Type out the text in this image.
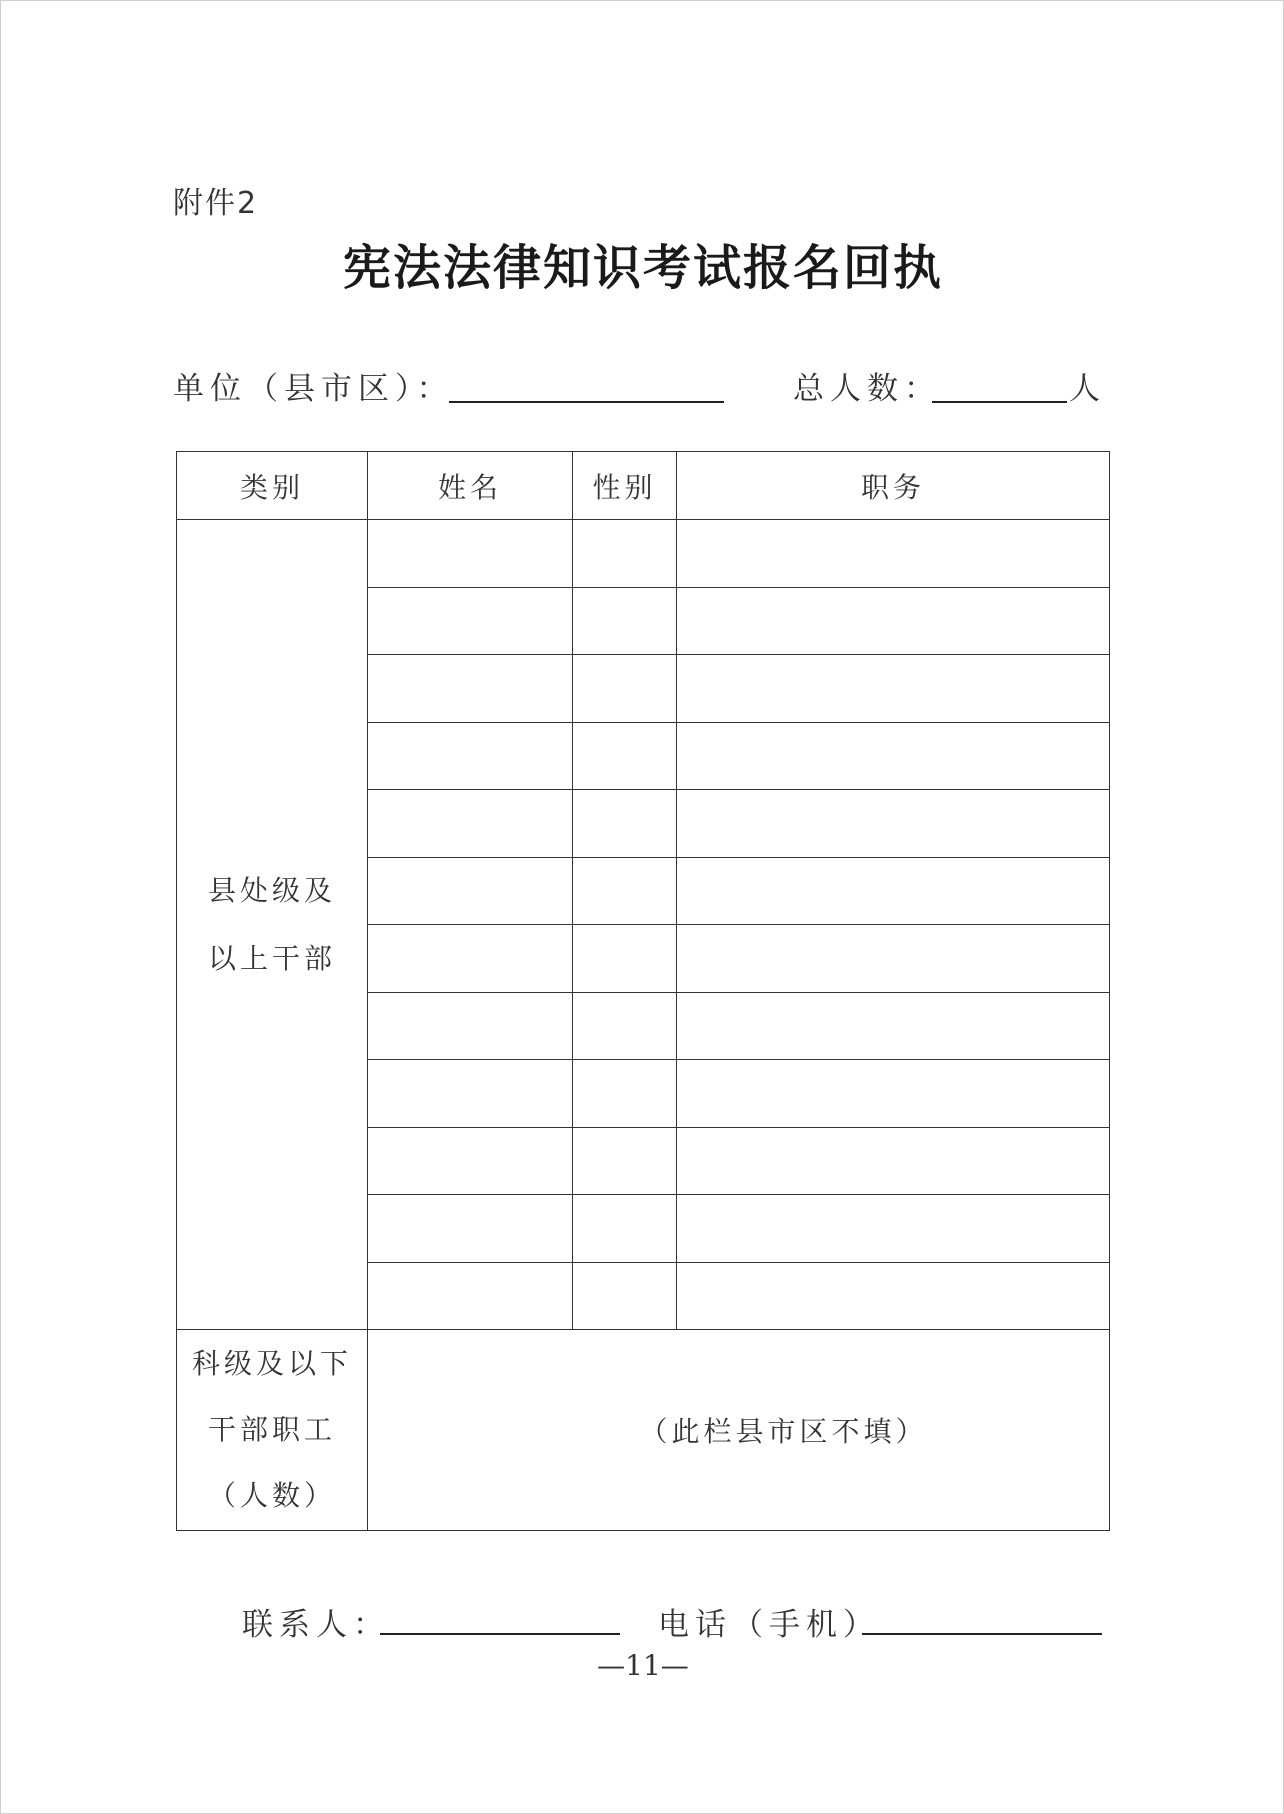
附件2
宪法法律知识考试报名回执
单位（县市区）：	总人数：	人
类别	姓名	性别	职务

县处级及
以上干部			

科级及以下
干部职工
（人数）	（此栏县市区不填）		
联系人：	电话（手机）
—11—
